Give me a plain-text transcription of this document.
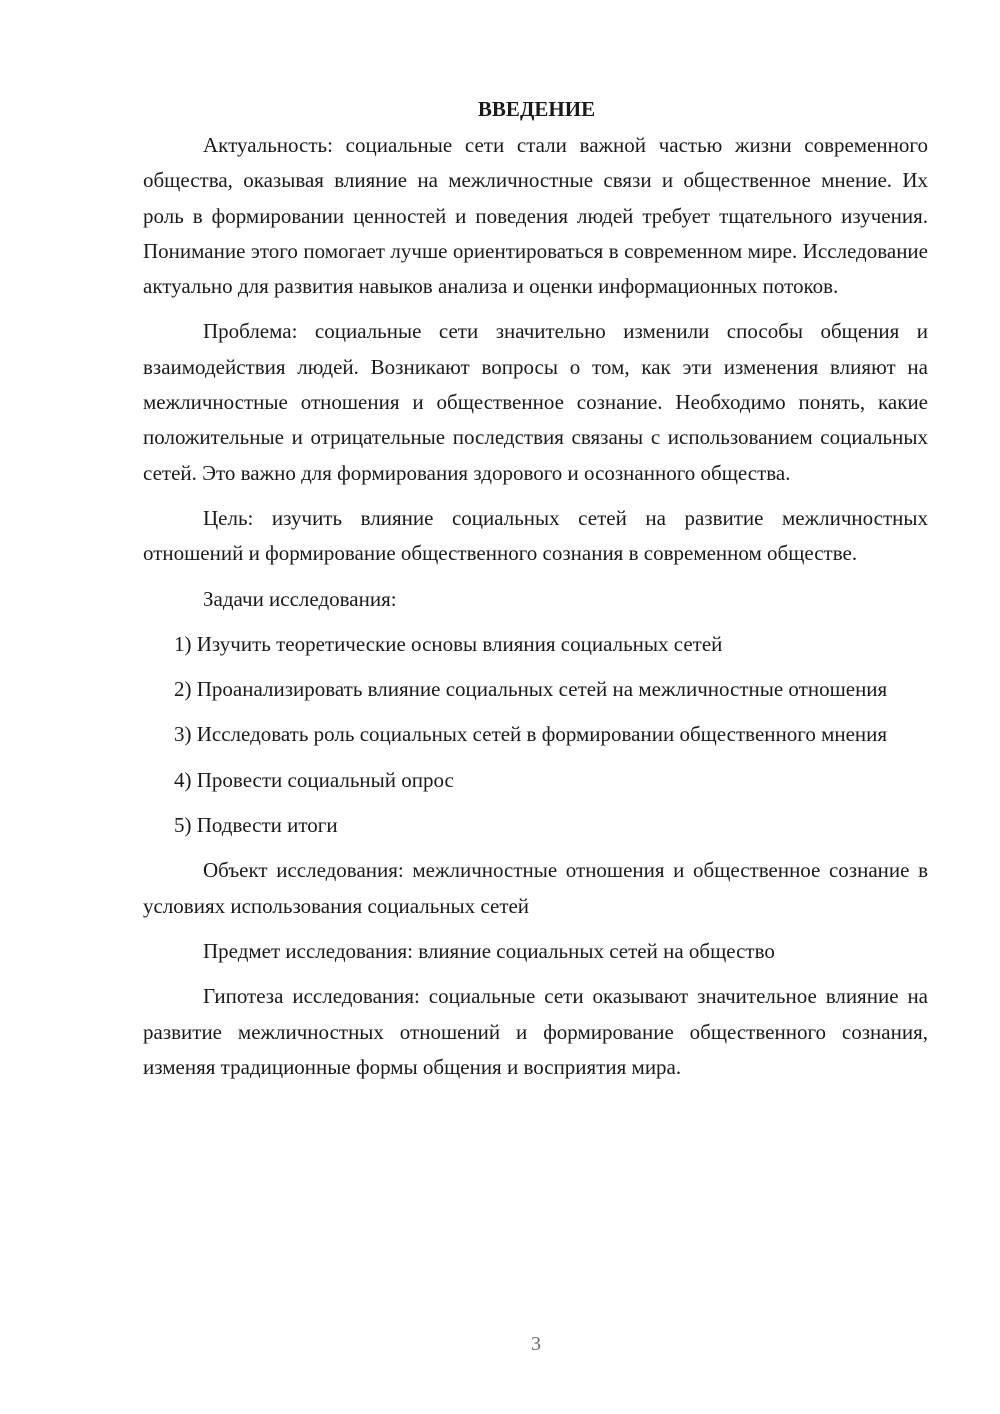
ВВЕДЕНИЕ

Актуальность: социальные сети стали важной частью жизни современного общества, оказывая влияние на межличностные связи и общественное мнение. Их роль в формировании ценностей и поведения людей требует тщательного изучения. Понимание этого помогает лучше ориентироваться в современном мире. Исследование актуально для развития навыков анализа и оценки информационных потоков.

Проблема: социальные сети значительно изменили способы общения и взаимодействия людей. Возникают вопросы о том, как эти изменения влияют на межличностные отношения и общественное сознание. Необходимо понять, какие положительные и отрицательные последствия связаны с использованием социальных сетей. Это важно для формирования здорового и осознанного общества.

Цель: изучить влияние социальных сетей на развитие межличностных отношений и формирование общественного сознания в современном обществе.

Задачи исследования:

1) Изучить теоретические основы влияния социальных сетей

2) Проанализировать влияние социальных сетей на межличностные отношения

3) Исследовать роль социальных сетей в формировании общественного мнения

4) Провести социальный опрос

5) Подвести итоги

Объект исследования: межличностные отношения и общественное сознание в условиях использования социальных сетей

Предмет исследования: влияние социальных сетей на общество

Гипотеза исследования: социальные сети оказывают значительное влияние на развитие межличностных отношений и формирование общественного сознания, изменяя традиционные формы общения и восприятия мира.

3
